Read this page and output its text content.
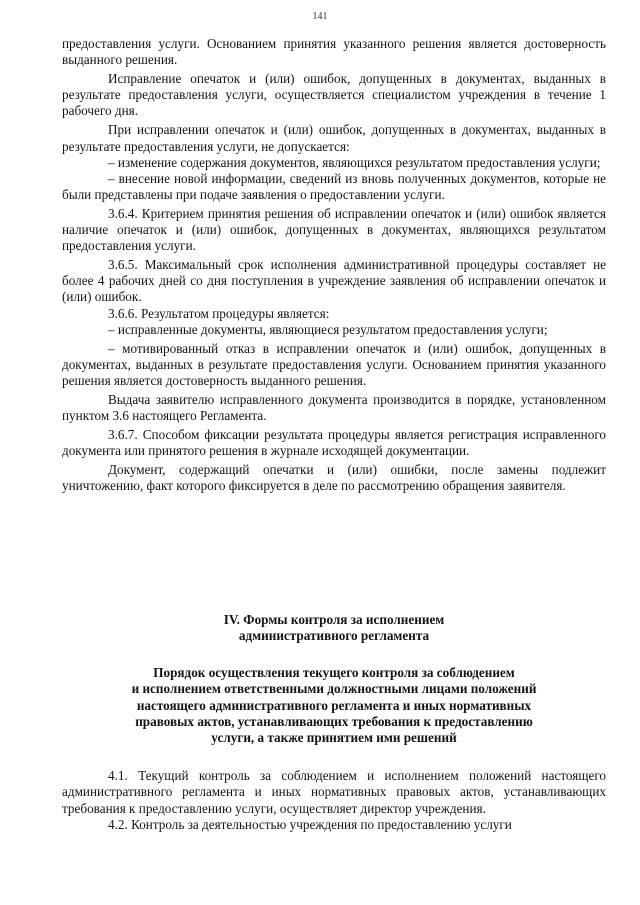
141

предоставления услуги. Основанием принятия указанного решения является достоверность выданного решения.

Исправление опечаток и (или) ошибок, допущенных в документах, выданных в результате предоставления услуги, осуществляется специалистом учреждения в течение 1 рабочего дня.

При исправлении опечаток и (или) ошибок, допущенных в документах, выданных в результате предоставления услуги, не допускается:

– изменение содержания документов, являющихся результатом предоставления услуги;

– внесение новой информации, сведений из вновь полученных документов, которые не были представлены при подаче заявления о предоставлении услуги.

3.6.4. Критерием принятия решения об исправлении опечаток и (или) ошибок является наличие опечаток и (или) ошибок, допущенных в документах, являющихся результатом предоставления услуги.

3.6.5. Максимальный срок исполнения административной процедуры составляет не более 4 рабочих дней со дня поступления в учреждение заявления об исправлении опечаток и (или) ошибок.

3.6.6. Результатом процедуры является:

– исправленные документы, являющиеся результатом предоставления услуги;

– мотивированный отказ в исправлении опечаток и (или) ошибок, допущенных в документах, выданных в результате предоставления услуги. Основанием принятия указанного решения является достоверность выданного решения.

Выдача заявителю исправленного документа производится в порядке, установленном пунктом 3.6 настоящего Регламента.

3.6.7. Способом фиксации результата процедуры является регистрация исправленного документа или принятого решения в журнале исходящей документации.

Документ, содержащий опечатки и (или) ошибки, после замены подлежит уничтожению, факт которого фиксируется в деле по рассмотрению обращения заявителя.

IV. Формы контроля за исполнением
административного регламента
Порядок осуществления текущего контроля за соблюдением
и исполнением ответственными должностными лицами положений
настоящего административного регламента и иных нормативных
правовых актов, устанавливающих требования к предоставлению
услуги, а также принятием ими решений

4.1. Текущий контроль за соблюдением и исполнением положений настоящего административного регламента и иных нормативных правовых актов, устанавливающих требования к предоставлению услуги, осуществляет директор учреждения.

4.2. Контроль за деятельностью учреждения по предоставлению услуги
